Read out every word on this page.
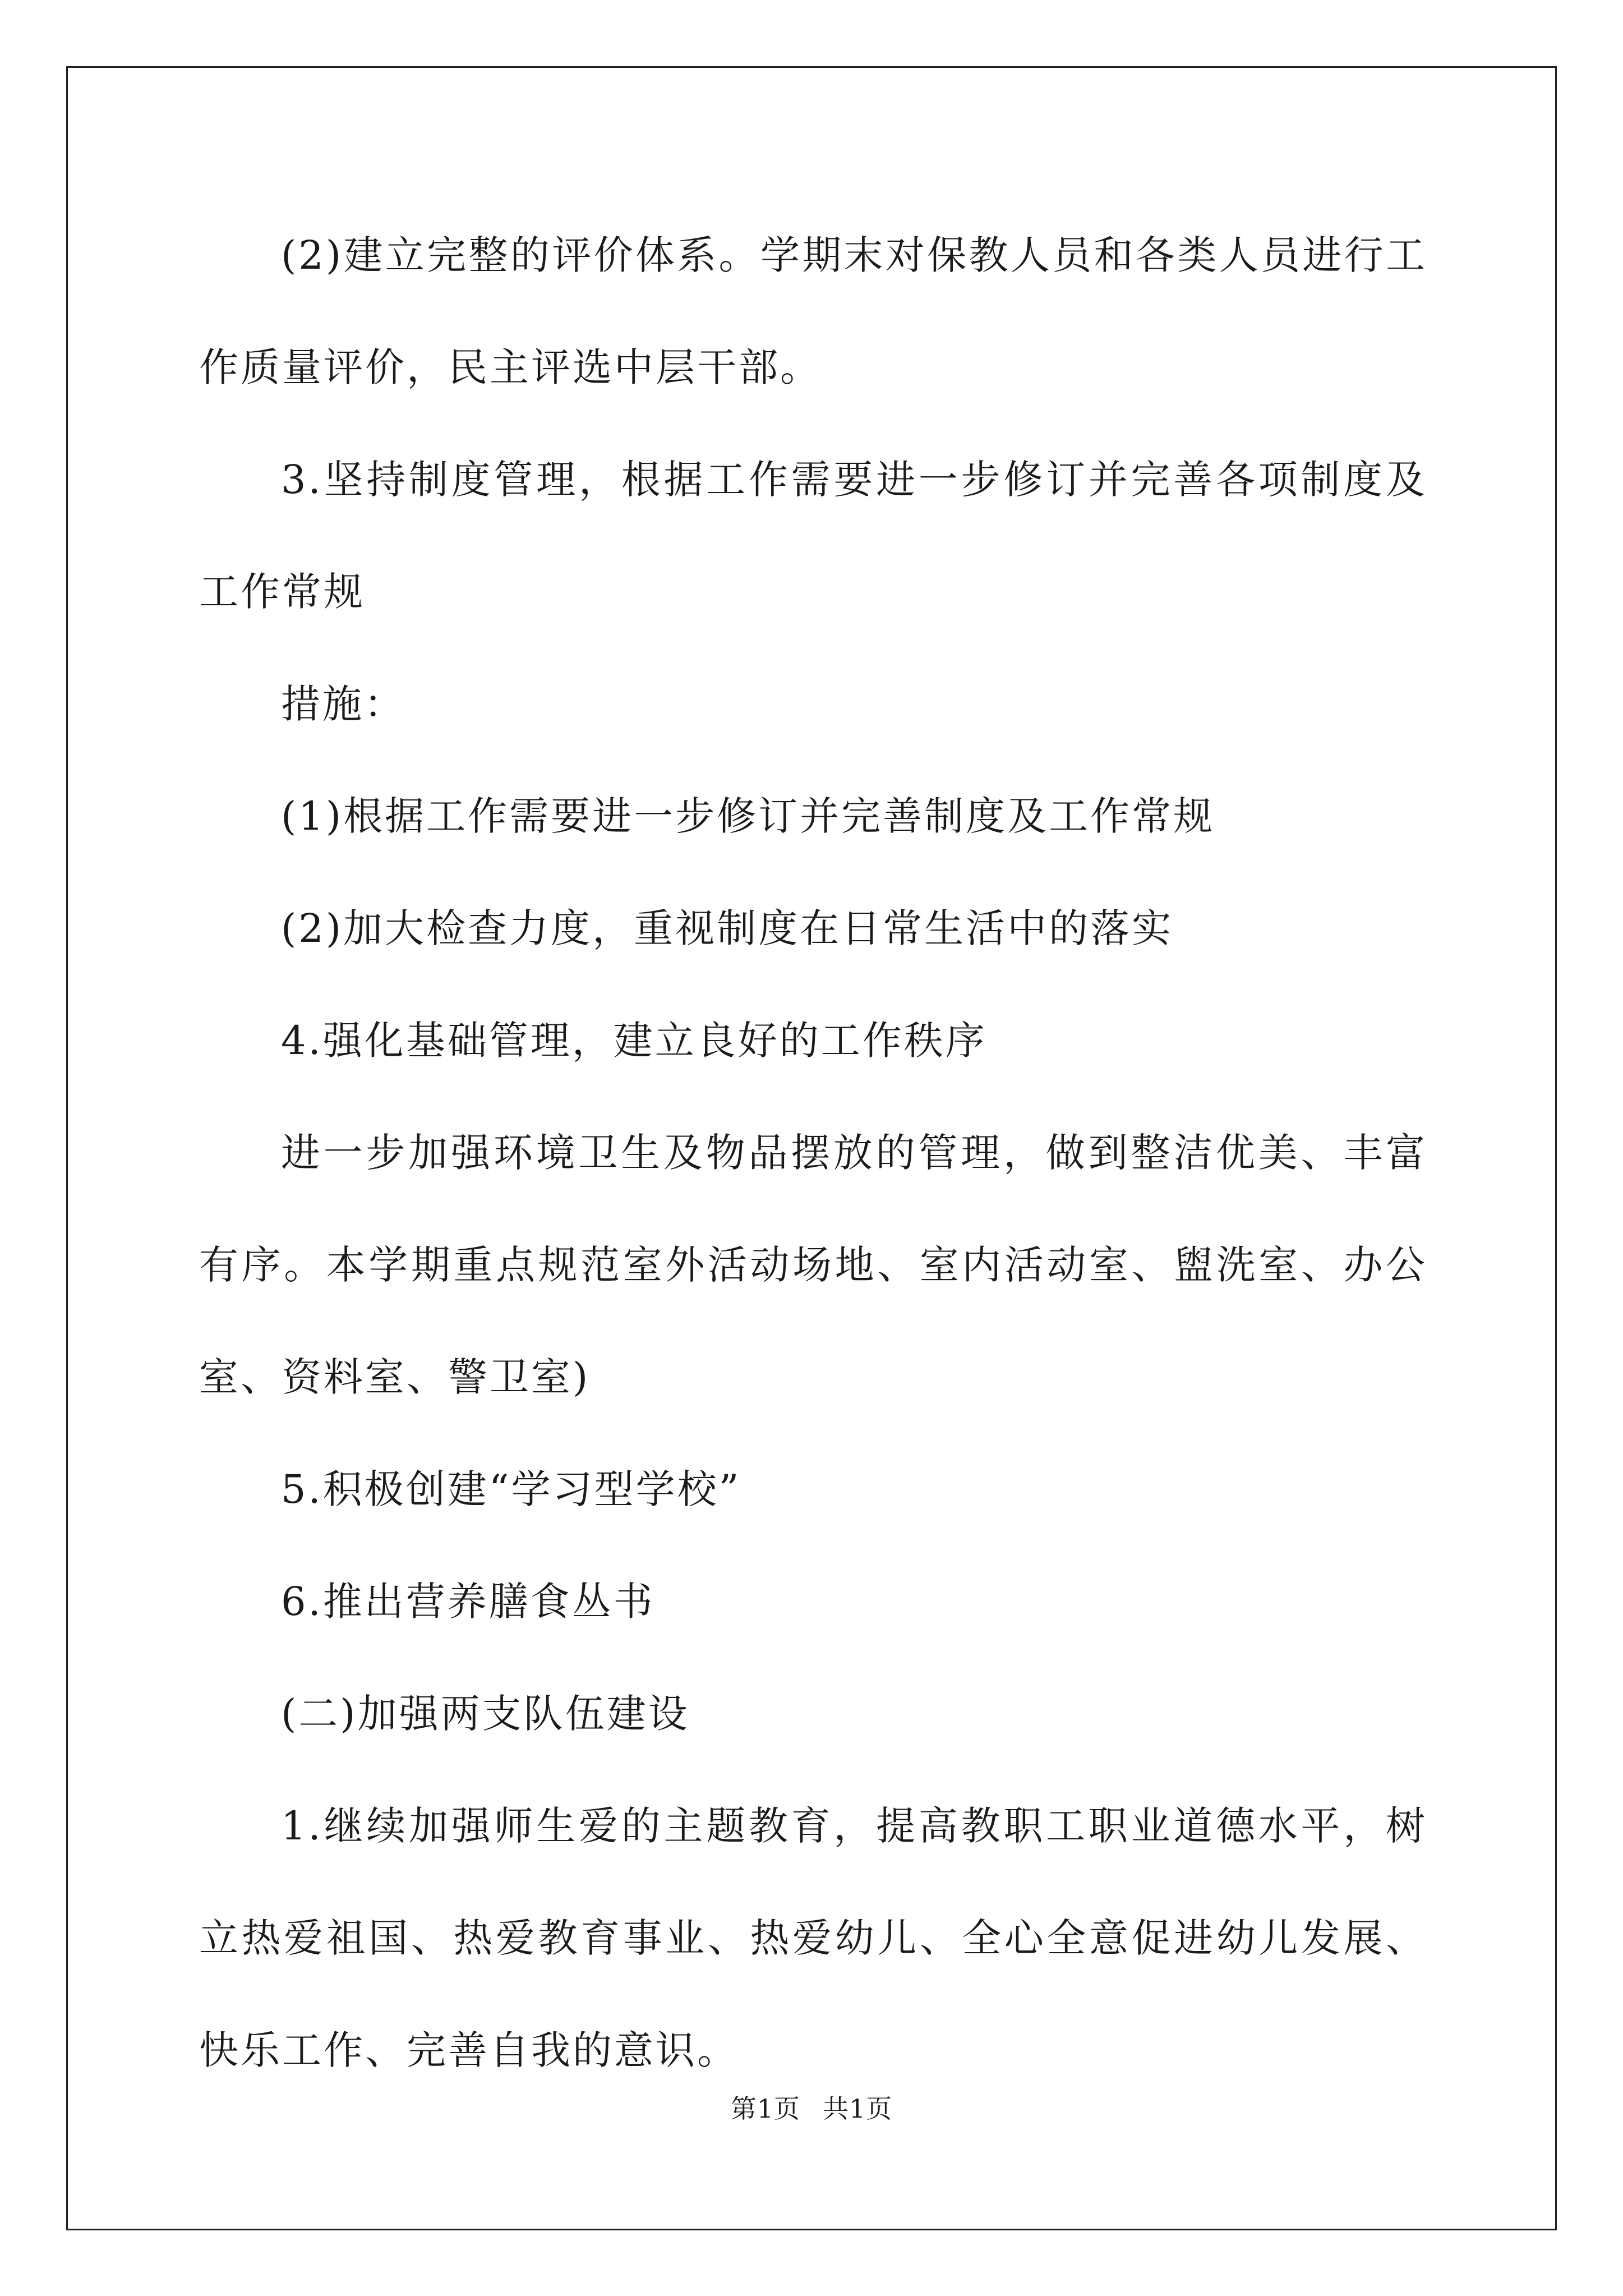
(2)建立完整的评价体系。学期末对保教人员和各类人员进行工作质量评价，民主评选中层干部。

3.坚持制度管理，根据工作需要进一步修订并完善各项制度及工作常规

措施：

(1)根据工作需要进一步修订并完善制度及工作常规

(2)加大检查力度，重视制度在日常生活中的落实

4.强化基础管理，建立良好的工作秩序

进一步加强环境卫生及物品摆放的管理，做到整洁优美、丰富有序。本学期重点规范室外活动场地、室内活动室、盥洗室、办公室、资料室、警卫室)

5.积极创建“学习型学校”

6.推出营养膳食丛书

(二)加强两支队伍建设

1.继续加强师生爱的主题教育，提高教职工职业道德水平，树立热爱祖国、热爱教育事业、热爱幼儿、全心全意促进幼儿发展、快乐工作、完善自我的意识。

第1页 共1页
